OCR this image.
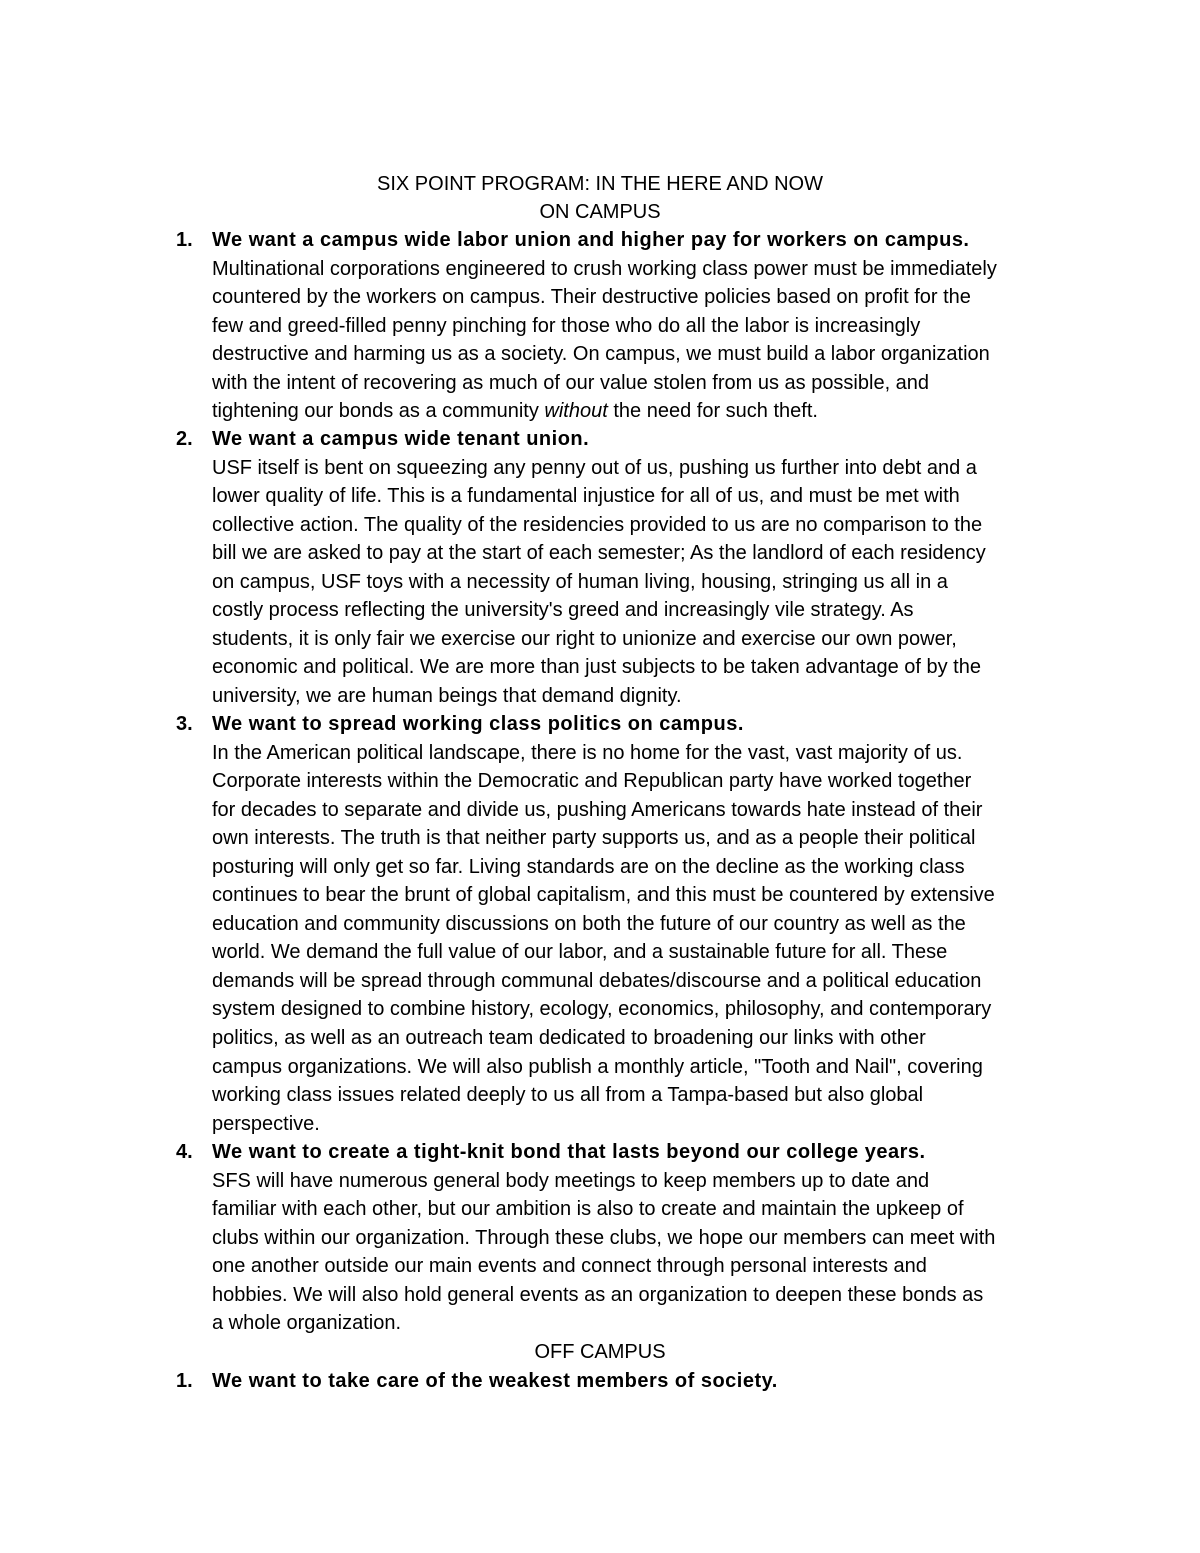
SIX POINT PROGRAM: IN THE HERE AND NOW
ON CAMPUS
1. We want a campus wide labor union and higher pay for workers on campus.

Multinational corporations engineered to crush working class power must be immediately
countered by the workers on campus. Their destructive policies based on profit for the
few and greed-filled penny pinching for those who do all the labor is increasingly
destructive and harming us as a society. On campus, we must build a labor organization
with the intent of recovering as much of our value stolen from us as possible, and
tightening our bonds as a community without the need for such theft.

2. We want a campus wide tenant union.

USF itself is bent on squeezing any penny out of us, pushing us further into debt and a
lower quality of life. This is a fundamental injustice for all of us, and must be met with
collective action. The quality of the residencies provided to us are no comparison to the
bill we are asked to pay at the start of each semester; As the landlord of each residency
on campus, USF toys with a necessity of human living, housing, stringing us all in a
costly process reflecting the university's greed and increasingly vile strategy. As
students, it is only fair we exercise our right to unionize and exercise our own power,
economic and political. We are more than just subjects to be taken advantage of by the
university, we are human beings that demand dignity.

3. We want to spread working class politics on campus.

In the American political landscape, there is no home for the vast, vast majority of us.
Corporate interests within the Democratic and Republican party have worked together
for decades to separate and divide us, pushing Americans towards hate instead of their
own interests. The truth is that neither party supports us, and as a people their political
posturing will only get so far. Living standards are on the decline as the working class
continues to bear the brunt of global capitalism, and this must be countered by extensive
education and community discussions on both the future of our country as well as the
world. We demand the full value of our labor, and a sustainable future for all. These
demands will be spread through communal debates/discourse and a political education
system designed to combine history, ecology, economics, philosophy, and contemporary
politics, as well as an outreach team dedicated to broadening our links with other
campus organizations. We will also publish a monthly article, "Tooth and Nail", covering
working class issues related deeply to us all from a Tampa-based but also global
perspective.

4. We want to create a tight-knit bond that lasts beyond our college years.

SFS will have numerous general body meetings to keep members up to date and
familiar with each other, but our ambition is also to create and maintain the upkeep of
clubs within our organization. Through these clubs, we hope our members can meet with
one another outside our main events and connect through personal interests and
hobbies. We will also hold general events as an organization to deepen these bonds as
a whole organization.

OFF CAMPUS
1. We want to take care of the weakest members of society.
